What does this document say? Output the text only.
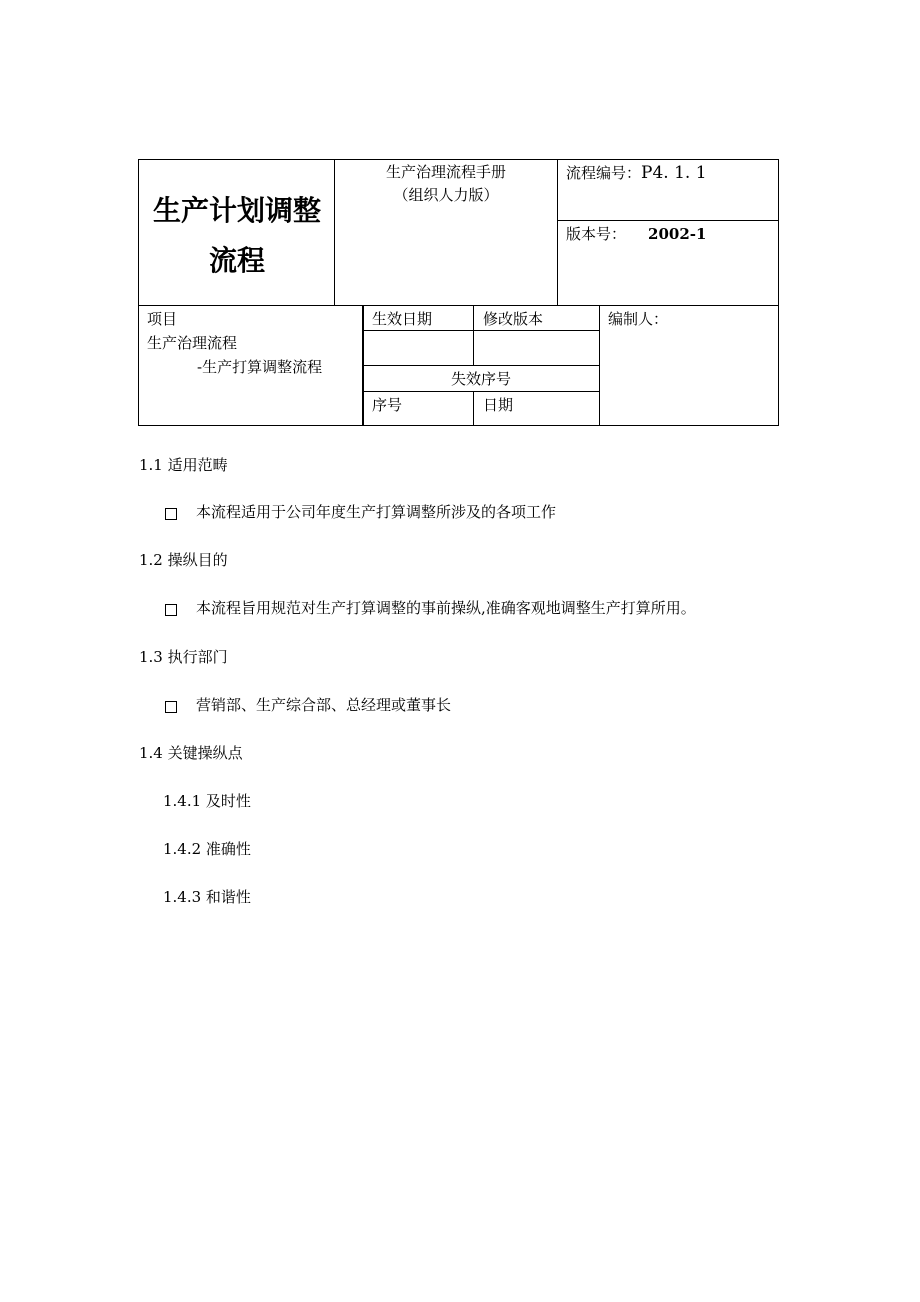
生产计划调整
流程
生产治理流程手册
（组织人力版）
流程编号：P4. 1. 1
版本号： 2002-1
项目
生产治理流程
-生产打算调整流程
生效日期	修改版本
失效序号
序号	日期
编制人：
1.1 适用范畴
本流程适用于公司年度生产打算调整所涉及的各项工作
1.2 操纵目的
本流程旨用规范对生产打算调整的事前操纵,准确客观地调整生产打算所用。
1.3 执行部门
营销部、生产综合部、总经理或董事长
1.4 关键操纵点
1.4.1 及时性
1.4.2 准确性
1.4.3 和谐性
